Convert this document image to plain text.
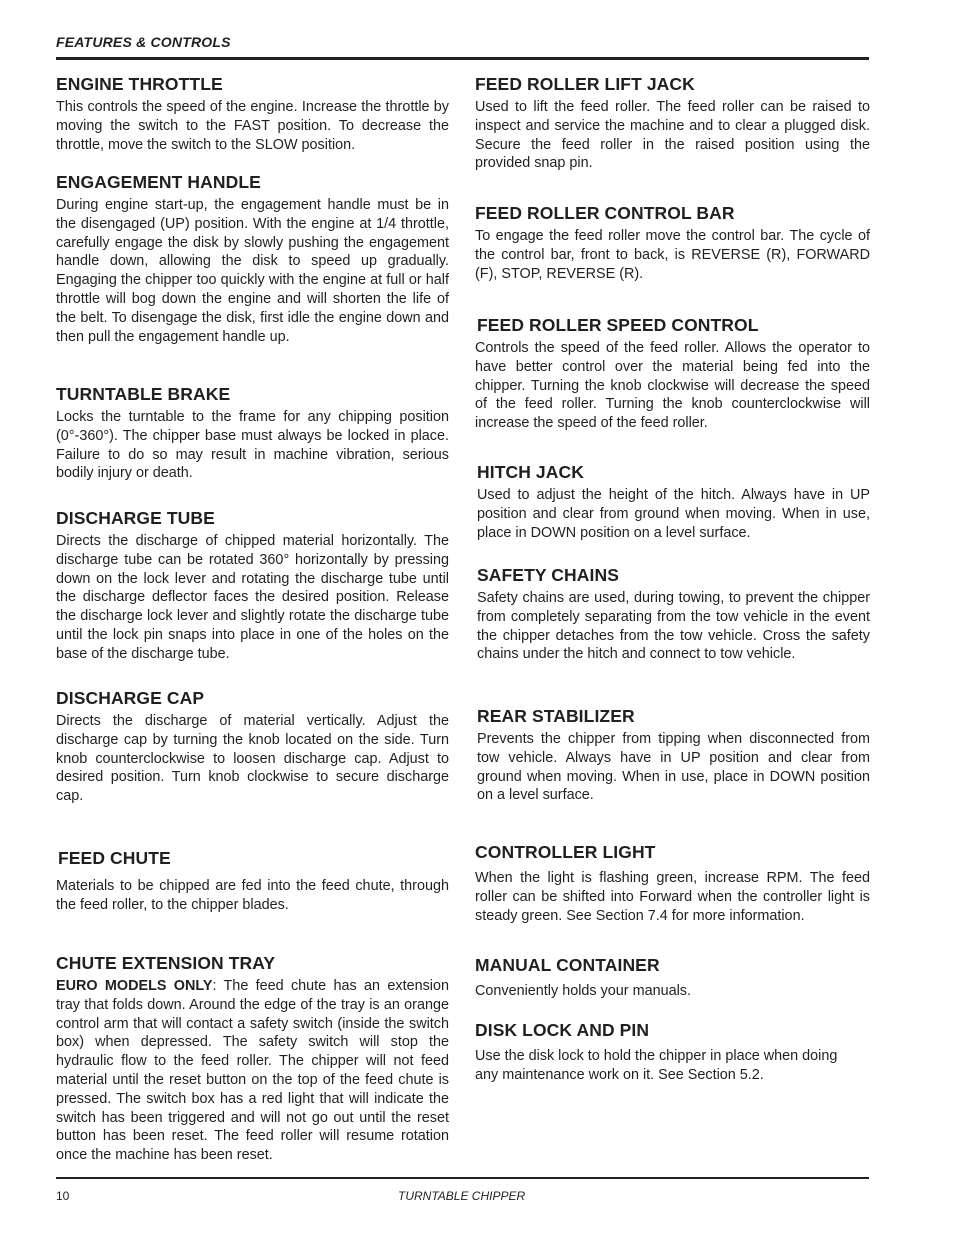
FEATURES & CONTROLS
ENGINE THROTTLE

This controls the speed of the engine. Increase the throttle by moving the switch to the FAST position. To decrease the throttle, move the switch to the SLOW position.

ENGAGEMENT HANDLE

During engine start-up, the engagement handle must be in the disengaged (UP) position. With the engine at 1/4 throttle, carefully engage the disk by slowly pushing the engagement handle down, allowing the disk to speed up gradually. Engaging the chipper too quickly with the engine at full or half throttle will bog down the engine and will shorten the life of the belt. To disengage the disk, first idle the engine down and then pull the engagement handle up.

TURNTABLE BRAKE

Locks the turntable to the frame for any chipping position (0°-360°). The chipper base must always be locked in place. Failure to do so may result in machine vibration, serious bodily injury or death.

DISCHARGE TUBE

Directs the discharge of chipped material horizontally. The discharge tube can be rotated 360° horizontally by pressing down on the lock lever and rotating the discharge tube until the discharge deflector faces the desired position. Release the discharge lock lever and slightly rotate the discharge tube until the lock pin snaps into place in one of the holes on the base of the discharge tube.

DISCHARGE CAP

Directs the discharge of material vertically. Adjust the discharge cap by turning the knob located on the side. Turn knob counterclockwise to loosen discharge cap. Adjust to desired position. Turn knob clockwise to secure discharge cap.

FEED CHUTE

Materials to be chipped are fed into the feed chute, through the feed roller, to the chipper blades.

CHUTE EXTENSION TRAY

EURO MODELS ONLY: The feed chute has an extension tray that folds down. Around the edge of the tray is an orange control arm that will contact a safety switch (inside the switch box) when depressed. The safety switch will stop the hydraulic flow to the feed roller. The chipper will not feed material until the reset button on the top of the feed chute is pressed. The switch box has a red light that will indicate the switch has been triggered and will not go out until the reset button has been reset. The feed roller will resume rotation once the machine has been reset.

FEED ROLLER LIFT JACK

Used to lift the feed roller. The feed roller can be raised to inspect and service the machine and to clear a plugged disk. Secure the feed roller in the raised position using the provided snap pin.

FEED ROLLER CONTROL BAR

To engage the feed roller move the control bar. The cycle of the control bar, front to back, is REVERSE (R), FORWARD (F), STOP, REVERSE (R).

FEED ROLLER SPEED CONTROL

Controls the speed of the feed roller. Allows the operator to have better control over the material being fed into the chipper. Turning the knob clockwise will decrease the speed of the feed roller. Turning the knob counterclockwise will increase the speed of the feed roller.

HITCH JACK

Used to adjust the height of the hitch. Always have in UP position and clear from ground when moving. When in use, place in DOWN position on a level surface.

SAFETY CHAINS

Safety chains are used, during towing, to prevent the chipper from completely separating from the tow vehicle in the event the chipper detaches from the tow vehicle. Cross the safety chains under the hitch and connect to tow vehicle.

REAR STABILIZER

Prevents the chipper from tipping when disconnected from tow vehicle. Always have in UP position and clear from ground when moving. When in use, place in DOWN position on a level surface.

CONTROLLER LIGHT

When the light is flashing green, increase RPM. The feed roller can be shifted into Forward when the controller light is steady green. See Section 7.4 for more information.

MANUAL CONTAINER

Conveniently holds your manuals.

DISK LOCK AND PIN

Use the disk lock to hold the chipper in place when doing any maintenance work on it. See Section 5.2.

10	TURNTABLE CHIPPER
